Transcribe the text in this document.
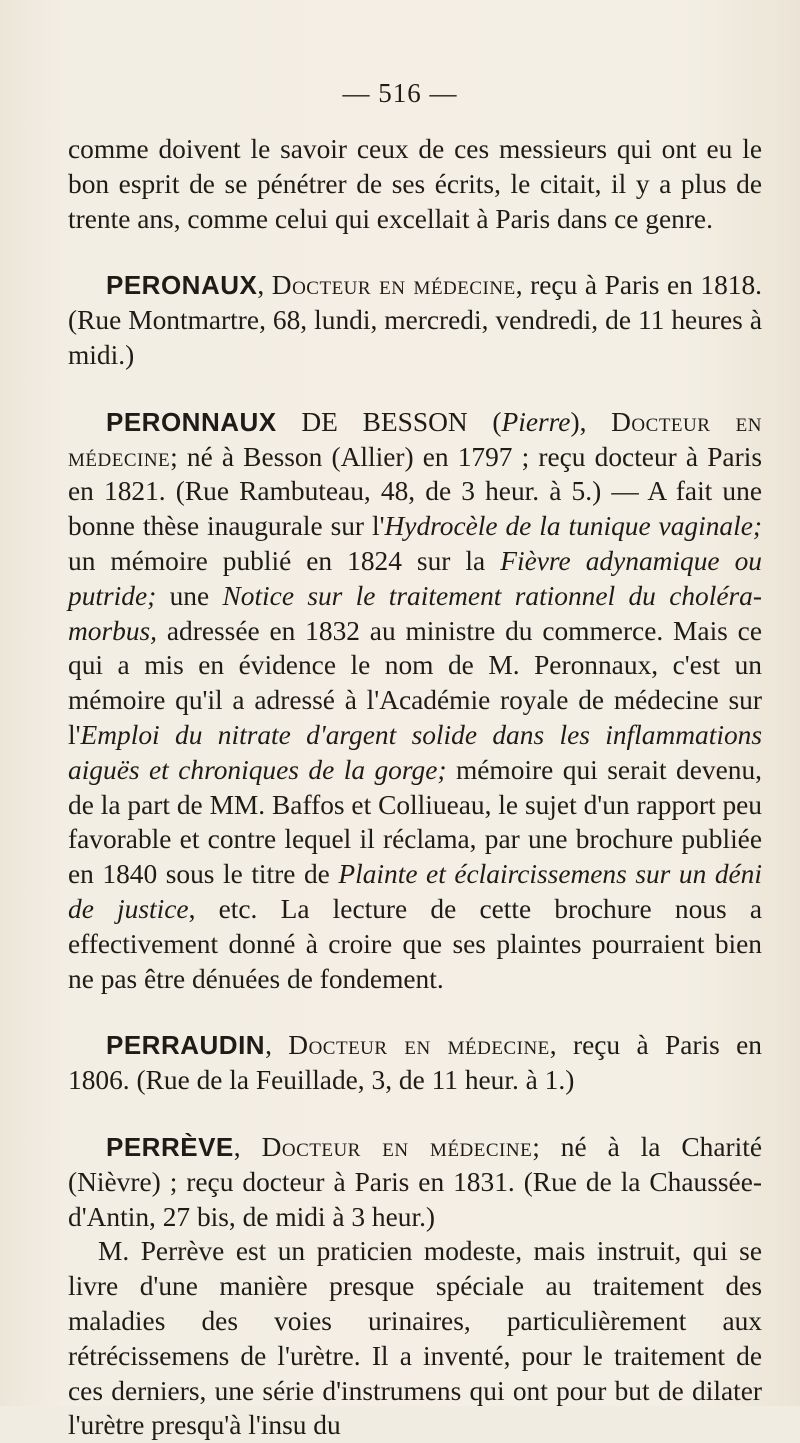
— 516 —

comme doivent le savoir ceux de ces messieurs qui ont eu le bon esprit de se pénétrer de ses écrits, le citait, il y a plus de trente ans, comme celui qui excellait à Paris dans ce genre.

PERONAUX, Docteur en médecine, reçu à Paris en 1818. (Rue Montmartre, 68, lundi, mercredi, vendredi, de 11 heures à midi.)

PERONNAUX DE BESSON (Pierre), Docteur en médecine; né à Besson (Allier) en 1797 ; reçu docteur à Paris en 1821. (Rue Rambuteau, 48, de 3 heur. à 5.) — A fait une bonne thèse inaugurale sur l'Hydrocèle de la tunique vaginale; un mémoire publié en 1824 sur la Fièvre adynamique ou putride; une Notice sur le traitement rationnel du choléra-morbus, adressée en 1832 au ministre du commerce. Mais ce qui a mis en évidence le nom de M. Peronnaux, c'est un mémoire qu'il a adressé à l'Académie royale de médecine sur l'Emploi du nitrate d'argent solide dans les inflammations aiguës et chroniques de la gorge; mémoire qui serait devenu, de la part de MM. Baffos et Colliueau, le sujet d'un rapport peu favorable et contre lequel il réclama, par une brochure publiée en 1840 sous le titre de Plainte et éclaircissemens sur un déni de justice, etc. La lecture de cette brochure nous a effectivement donné à croire que ses plaintes pourraient bien ne pas être dénuées de fondement.

PERRAUDIN, Docteur en médecine, reçu à Paris en 1806. (Rue de la Feuillade, 3, de 11 heur. à 1.)

PERRÈVE, Docteur en médecine; né à la Charité (Nièvre) ; reçu docteur à Paris en 1831. (Rue de la Chaussée-d'Antin, 27 bis, de midi à 3 heur.)

M. Perrève est un praticien modeste, mais instruit, qui se livre d'une manière presque spéciale au traitement des maladies des voies urinaires, particulièrement aux rétrécissemens de l'urètre. Il a inventé, pour le traitement de ces derniers, une série d'instrumens qui ont pour but de dilater l'urètre presqu'à l'insu du
